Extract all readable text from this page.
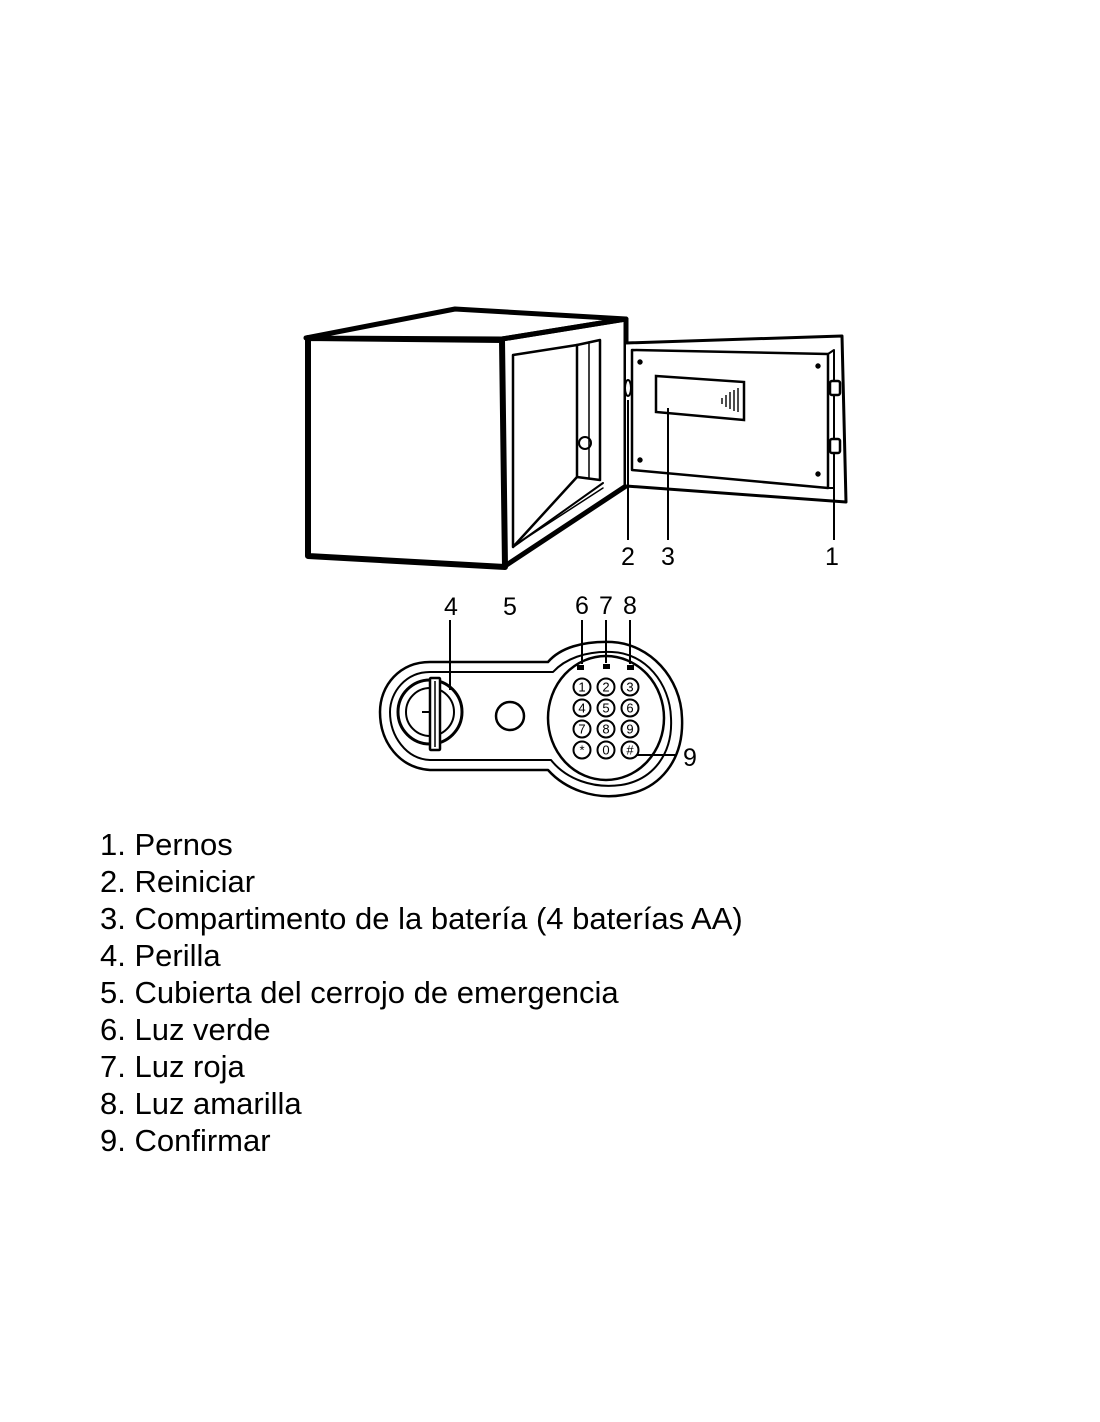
2 3	1
1 2 3
4 5 6
7 8 9
* 0 #
4 5 6 7 8
9
1. Pernos
2. Reiniciar
3. Compartimento de la batería (4 baterías AA)
4. Perilla
5. Cubierta del cerrojo de emergencia
6. Luz verde
7. Luz roja
8. Luz amarilla
9. Confirmar
